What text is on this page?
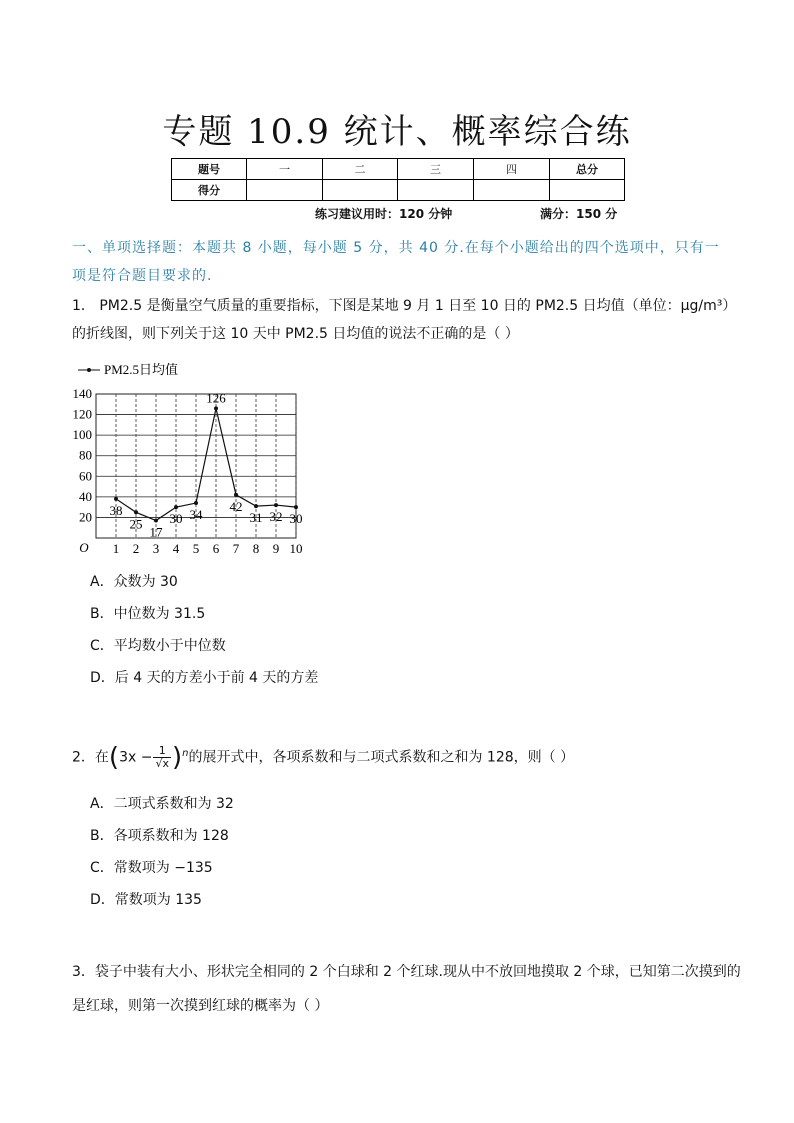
专题 10.9 统计、概率综合练
题号	一	二	三	四	总分
得分					
练习建议用时：120 分钟	满分：150 分
一、单项选择题：本题共 8 小题，每小题 5 分，共 40 分.在每个小题给出的四个选项中，只有一项是符合题目要求的.
1． PM2.5 是衡量空气质量的重要指标，下图是某地 9 月 1 日至 10 日的 PM2.5 日均值（单位：μg/m³）的折线图，则下列关于这 10 天中 PM2.5 日均值的说法不正确的是（ ）
20
40
60
80
100
120
140
1 2 3 4 5 6 7 8 9 10
O
PM2.5日均值
38
25
17
30 34
126
42
31 32 30
A．众数为 30
B．中位数为 31.5
C．平均数小于中位数
D．后 4 天的方差小于前 4 天的方差
2．在$(3x - \frac{1}{√x} )^n$的展开式中，各项系数和与二项式系数和之和为 128，则（ ）
A．二项式系数和为 32
B．各项系数和为 128
C．常数项为 −135
D．常数项为 135
3．袋子中装有大小、形状完全相同的 2 个白球和 2 个红球.现从中不放回地摸取 2 个球，已知第二次摸到的是红球，则第一次摸到红球的概率为（ ）
